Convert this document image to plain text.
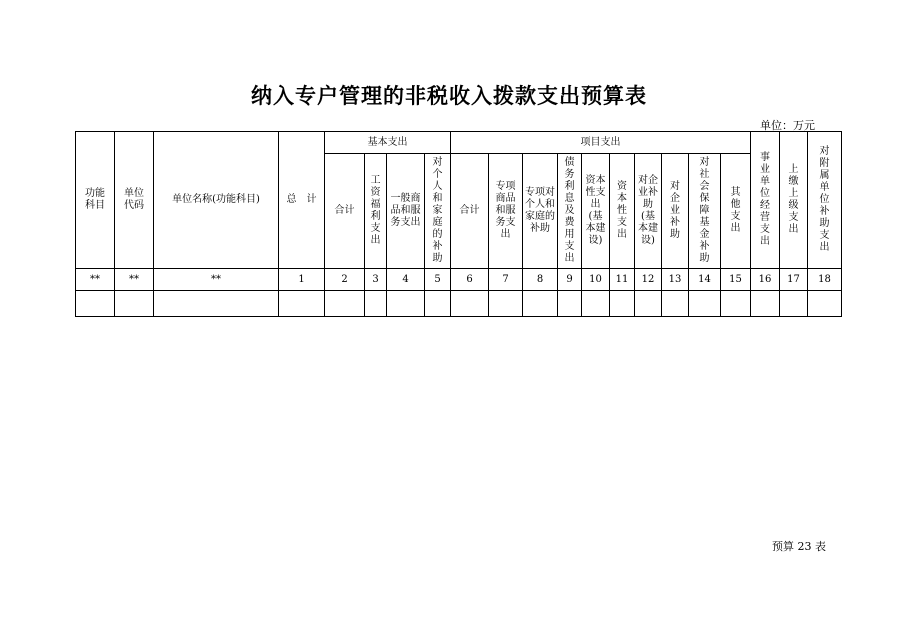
纳入专户管理的非税收入拨款支出预算表
单位：万元
功能科目	单位代码	单位名称(功能科目)	总　计	基本支出				项目支出										事业单位经营支出	上缴上级支出	对附属单位补助支出
				合计	工资福利支出	一般商品和服务支出	对个人和家庭的补助	合计	专项商品和服务支出	专项对个人和家庭的补助	债务利息及费用支出	资本性支出(基本建设)	资本性支出	对企业补助(基本建设)	对企业补助	对社会保障基金补助	其他支出			
**	**	**	1	2	3	4	5	6	7	8	9	10	11	12	13	14	15	16	17	18

预算 23 表
